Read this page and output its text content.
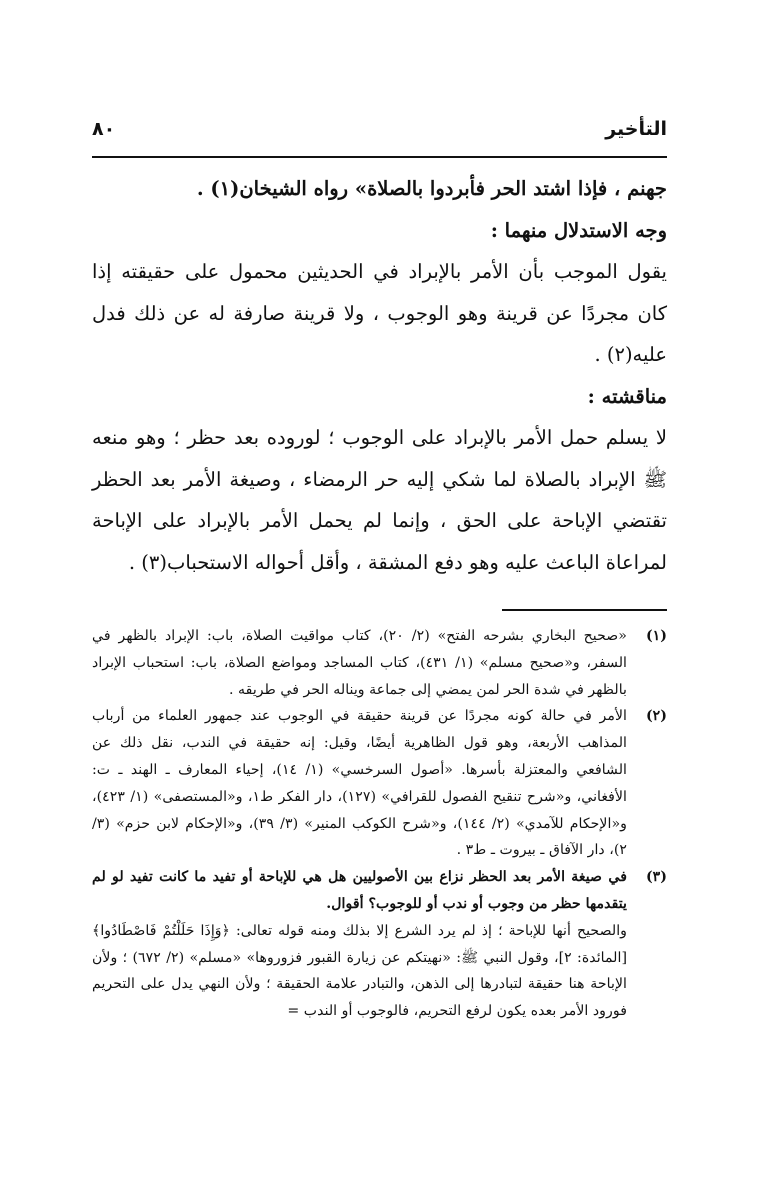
التأخير
٨٠

جهنم ، فإذا اشتد الحر فأبردوا بالصلاة» رواه الشيخان(١) .

وجه الاستدلال منهما :

يقول الموجب بأن الأمر بالإبراد في الحديثين محمول على حقيقته إذا كان مجردًا عن قرينة وهو الوجوب ، ولا قرينة صارفة له عن ذلك فدل عليه(٢) .

مناقشته :

لا يسلم حمل الأمر بالإبراد على الوجوب ؛ لوروده بعد حظر ؛ وهو منعه ﷺ الإبراد بالصلاة لما شكي إليه حر الرمضاء ، وصيغة الأمر بعد الحظر تقتضي الإباحة على الحق ، وإنما لم يحمل الأمر بالإبراد على الإباحة لمراعاة الباعث عليه وهو دفع المشقة ، وأقل أحواله الاستحباب(٣) .

(١)

«صحيح البخاري بشرحه الفتح» (٢/ ٢٠)، كتاب مواقيت الصلاة، باب: الإبراد بالظهر في السفر، و«صحيح مسلم» (١/ ٤٣١)، كتاب المساجد ومواضع الصلاة، باب: استحباب الإبراد بالظهر في شدة الحر لمن يمضي إلى جماعة ويناله الحر في طريقه .

(٢)

الأمر في حالة كونه مجردًا عن قرينة حقيقة في الوجوب عند جمهور العلماء من أرباب المذاهب الأربعة، وهو قول الظاهرية أيضًا، وقيل: إنه حقيقة في الندب، نقل ذلك عن الشافعي والمعتزلة بأسرها. «أصول السرخسي» (١/ ١٤)، إحياء المعارف ـ الهند ـ ت: الأفغاني، و«شرح تنقيح الفصول للقرافي» (١٢٧)، دار الفكر ط١، و«المستصفى» (١/ ٤٢٣)، و«الإحكام للآمدي» (٢/ ١٤٤)، و«شرح الكوكب المنير» (٣/ ٣٩)، و«الإحكام لابن حزم» (٣/ ٢)، دار الآفاق ـ بيروت ـ ط٣ .

(٣)

في صيغة الأمر بعد الحظر نزاع بين الأصوليين هل هي للإباحة أو تفيد ما كانت تفيد لو لم يتقدمها حظر من وجوب أو ندب أو للوجوب؟ أقوال.

والصحيح أنها للإباحة ؛ إذ لم يرد الشرع إلا بذلك ومنه قوله تعالى: ﴿وَإِذَا حَلَلْتُمْ فَاصْطَادُوا﴾ [المائدة: ٢]، وقول النبي ﷺ: «نهيتكم عن زيارة القبور فزوروها» «مسلم» (٢/ ٦٧٢) ؛ ولأن الإباحة هنا حقيقة لتبادرها إلى الذهن، والتبادر علامة الحقيقة ؛ ولأن النهي يدل على التحريم فورود الأمر بعده يكون لرفع التحريم، فالوجوب أو الندب =
